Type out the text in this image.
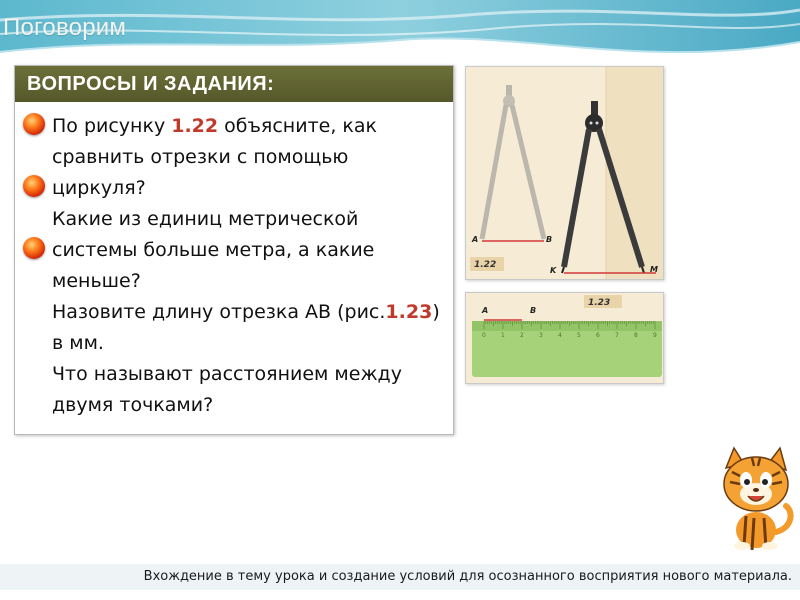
Поговорим
ВОПРОСЫ И ЗАДАНИЯ:
По рисунку 1.22 объясните, как сравнить отрезки с помощью циркуля?
Какие из единиц метрической системы больше метра, а какие меньше?
Назовите длину отрезка АВ (рис.1.23) в мм.
Что называют расстоянием между двумя точками?
A	B
K	M
1.22
1.23
A	B
0	1	2	3	4	5	6	7	8	9
Вхождение в тему урока и создание условий для осознанного восприятия нового материала.
